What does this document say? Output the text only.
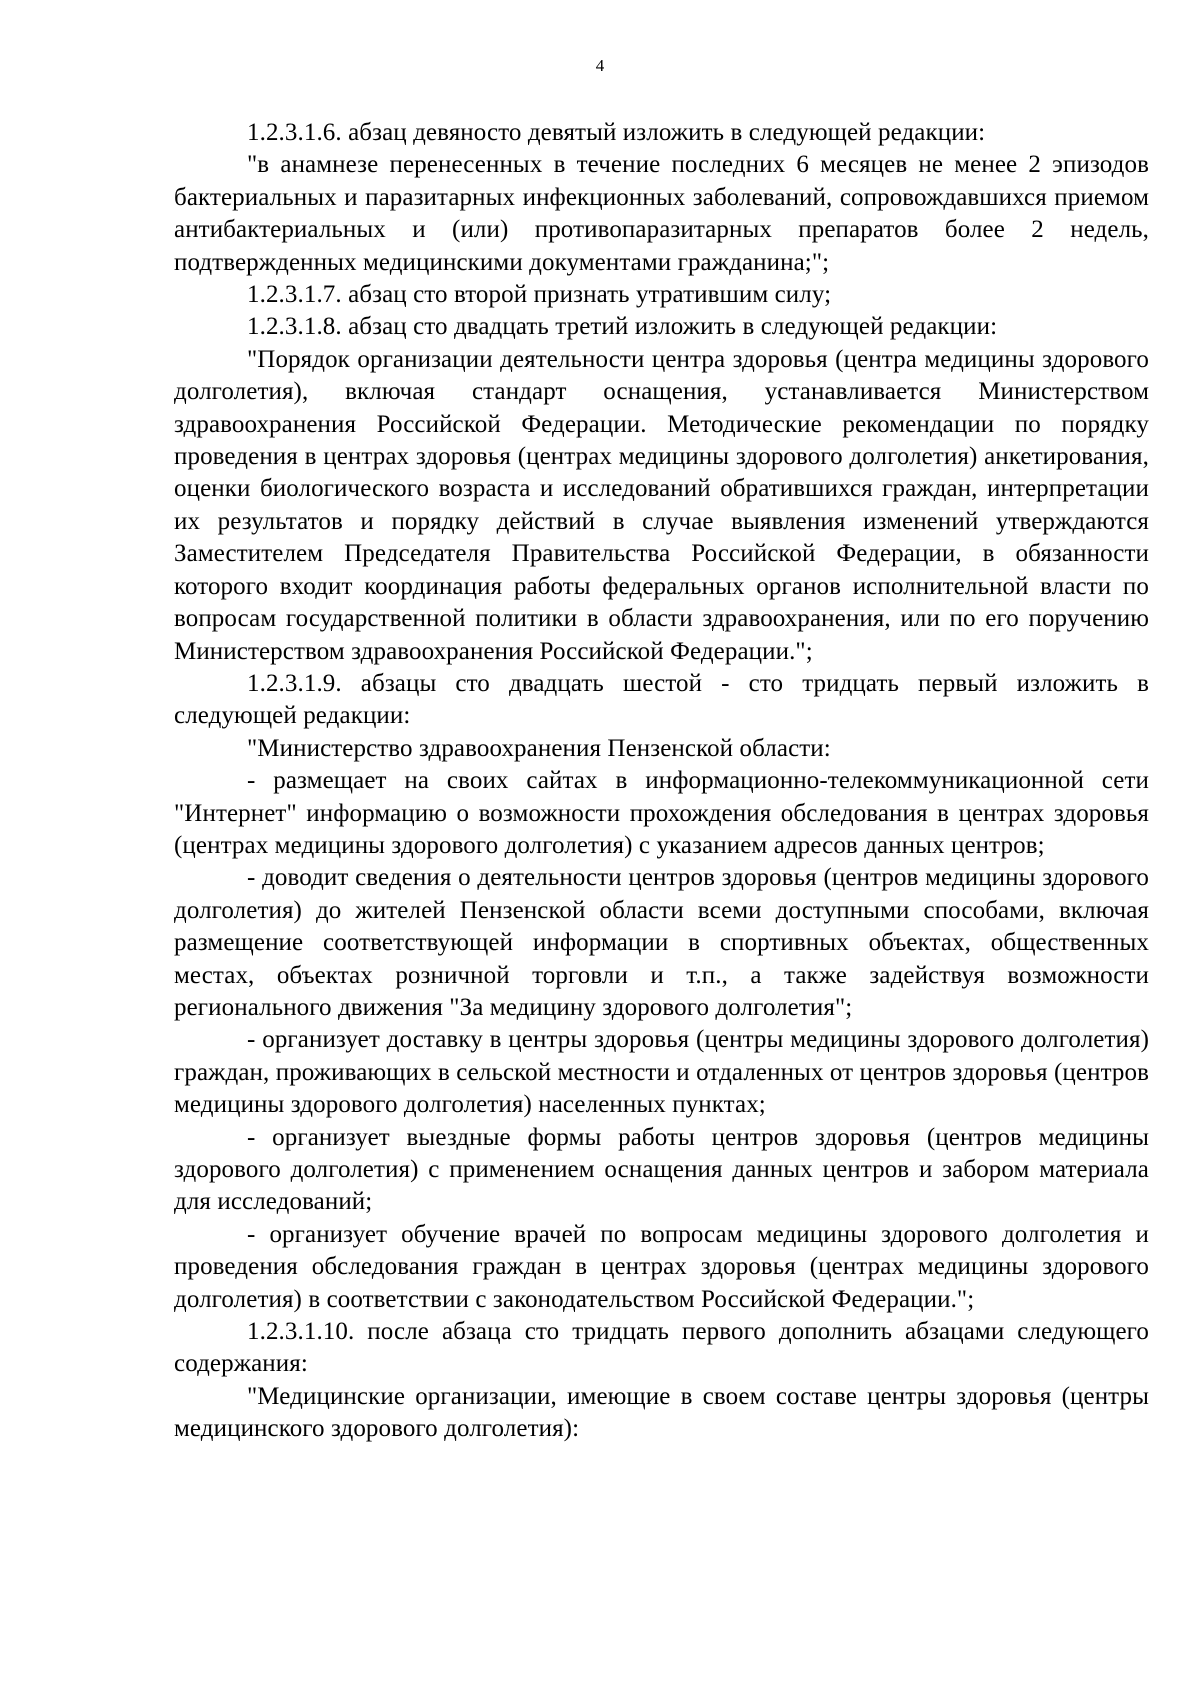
4

1.2.3.1.6. абзац девяносто девятый изложить в следующей редакции:

"в анамнезе перенесенных в течение последних 6 месяцев не менее 2 эпизодов бактериальных и паразитарных инфекционных заболеваний, сопровождавшихся приемом антибактериальных и (или) противопаразитарных препаратов более 2 недель, подтвержденных медицинскими документами гражданина;";

1.2.3.1.7. абзац сто второй признать утратившим силу;

1.2.3.1.8. абзац сто двадцать третий изложить в следующей редакции:

"Порядок организации деятельности центра здоровья (центра медицины здорового долголетия), включая стандарт оснащения, устанавливается Министерством здравоохранения Российской Федерации. Методические рекомендации по порядку проведения в центрах здоровья (центрах медицины здорового долголетия) анкетирования, оценки биологического возраста и исследований обратившихся граждан, интерпретации их результатов и порядку действий в случае выявления изменений утверждаются Заместителем Председателя Правительства Российской Федерации, в обязанности которого входит координация работы федеральных органов исполнительной власти по вопросам государственной политики в области здравоохранения, или по его поручению Министерством здравоохранения Российской Федерации.";

1.2.3.1.9. абзацы сто двадцать шестой - сто тридцать первый изложить в следующей редакции:

"Министерство здравоохранения Пензенской области:

- размещает на своих сайтах в информационно-телекоммуникационной сети "Интернет" информацию о возможности прохождения обследования в центрах здоровья (центрах медицины здорового долголетия) с указанием адресов данных центров;

- доводит сведения о деятельности центров здоровья (центров медицины здорового долголетия) до жителей Пензенской области всеми доступными способами, включая размещение соответствующей информации в спортивных объектах, общественных местах, объектах розничной торговли и т.п., а также задействуя возможности регионального движения "За медицину здорового долголетия";

- организует доставку в центры здоровья (центры медицины здорового долголетия) граждан, проживающих в сельской местности и отдаленных от центров здоровья (центров медицины здорового долголетия) населенных пунктах;

- организует выездные формы работы центров здоровья (центров медицины здорового долголетия) с применением оснащения данных центров и забором материала для исследований;

- организует обучение врачей по вопросам медицины здорового долголетия и проведения обследования граждан в центрах здоровья (центрах медицины здорового долголетия) в соответствии с законодательством Российской Федерации.";

1.2.3.1.10. после абзаца сто тридцать первого дополнить абзацами следующего содержания:

"Медицинские организации, имеющие в своем составе центры здоровья (центры медицинского здорового долголетия):
